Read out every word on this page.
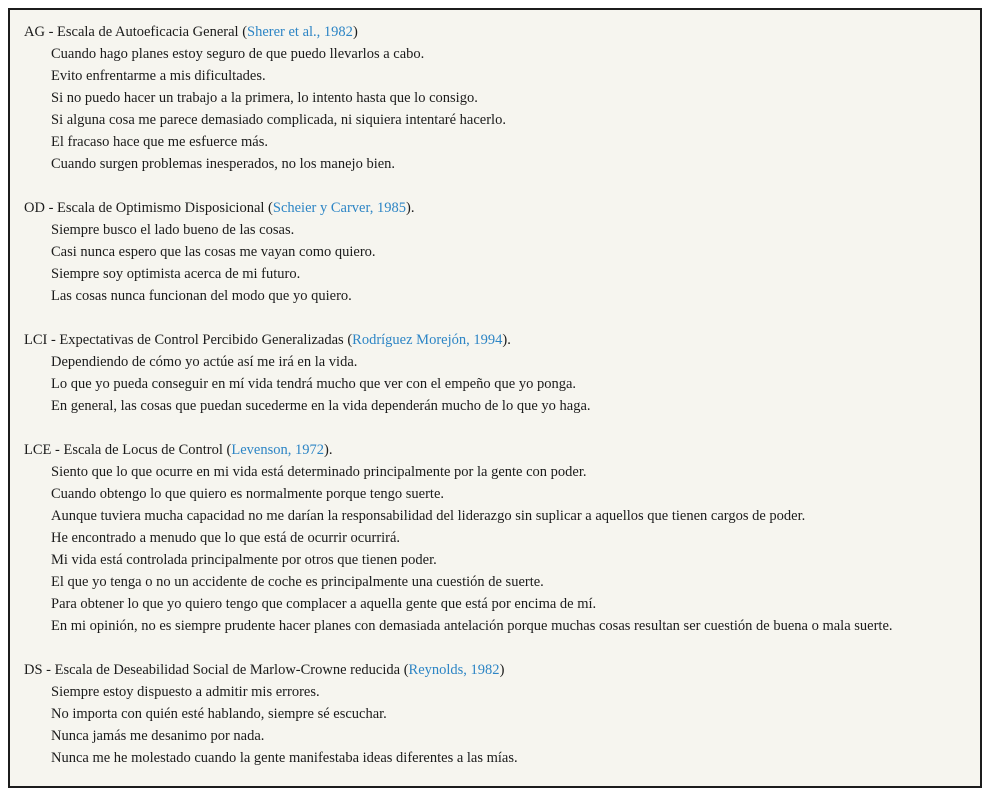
AG - Escala de Autoeficacia General (Sherer et al., 1982)

Cuando hago planes estoy seguro de que puedo llevarlos a cabo.

Evito enfrentarme a mis dificultades.

Si no puedo hacer un trabajo a la primera, lo intento hasta que lo consigo.

Si alguna cosa me parece demasiado complicada, ni siquiera intentaré hacerlo.

El fracaso hace que me esfuerce más.

Cuando surgen problemas inesperados, no los manejo bien.

OD - Escala de Optimismo Disposicional (Scheier y Carver, 1985).

Siempre busco el lado bueno de las cosas.

Casi nunca espero que las cosas me vayan como quiero.

Siempre soy optimista acerca de mi futuro.

Las cosas nunca funcionan del modo que yo quiero.

LCI - Expectativas de Control Percibido Generalizadas (Rodríguez Morejón, 1994).

Dependiendo de cómo yo actúe así me irá en la vida.

Lo que yo pueda conseguir en mí vida tendrá mucho que ver con el empeño que yo ponga.

En general, las cosas que puedan sucederme en la vida dependerán mucho de lo que yo haga.

LCE - Escala de Locus de Control (Levenson, 1972).

Siento que lo que ocurre en mi vida está determinado principalmente por la gente con poder.

Cuando obtengo lo que quiero es normalmente porque tengo suerte.

Aunque tuviera mucha capacidad no me darían la responsabilidad del liderazgo sin suplicar a aquellos que tienen cargos de poder.

He encontrado a menudo que lo que está de ocurrir ocurrirá.

Mi vida está controlada principalmente por otros que tienen poder.

El que yo tenga o no un accidente de coche es principalmente una cuestión de suerte.

Para obtener lo que yo quiero tengo que complacer a aquella gente que está por encima de mí.

En mi opinión, no es siempre prudente hacer planes con demasiada antelación porque muchas cosas resultan ser cuestión de buena o mala suerte.

DS - Escala de Deseabilidad Social de Marlow-Crowne reducida (Reynolds, 1982)

Siempre estoy dispuesto a admitir mis errores.

No importa con quién esté hablando, siempre sé escuchar.

Nunca jamás me desanimo por nada.

Nunca me he molestado cuando la gente manifestaba ideas diferentes a las mías.
